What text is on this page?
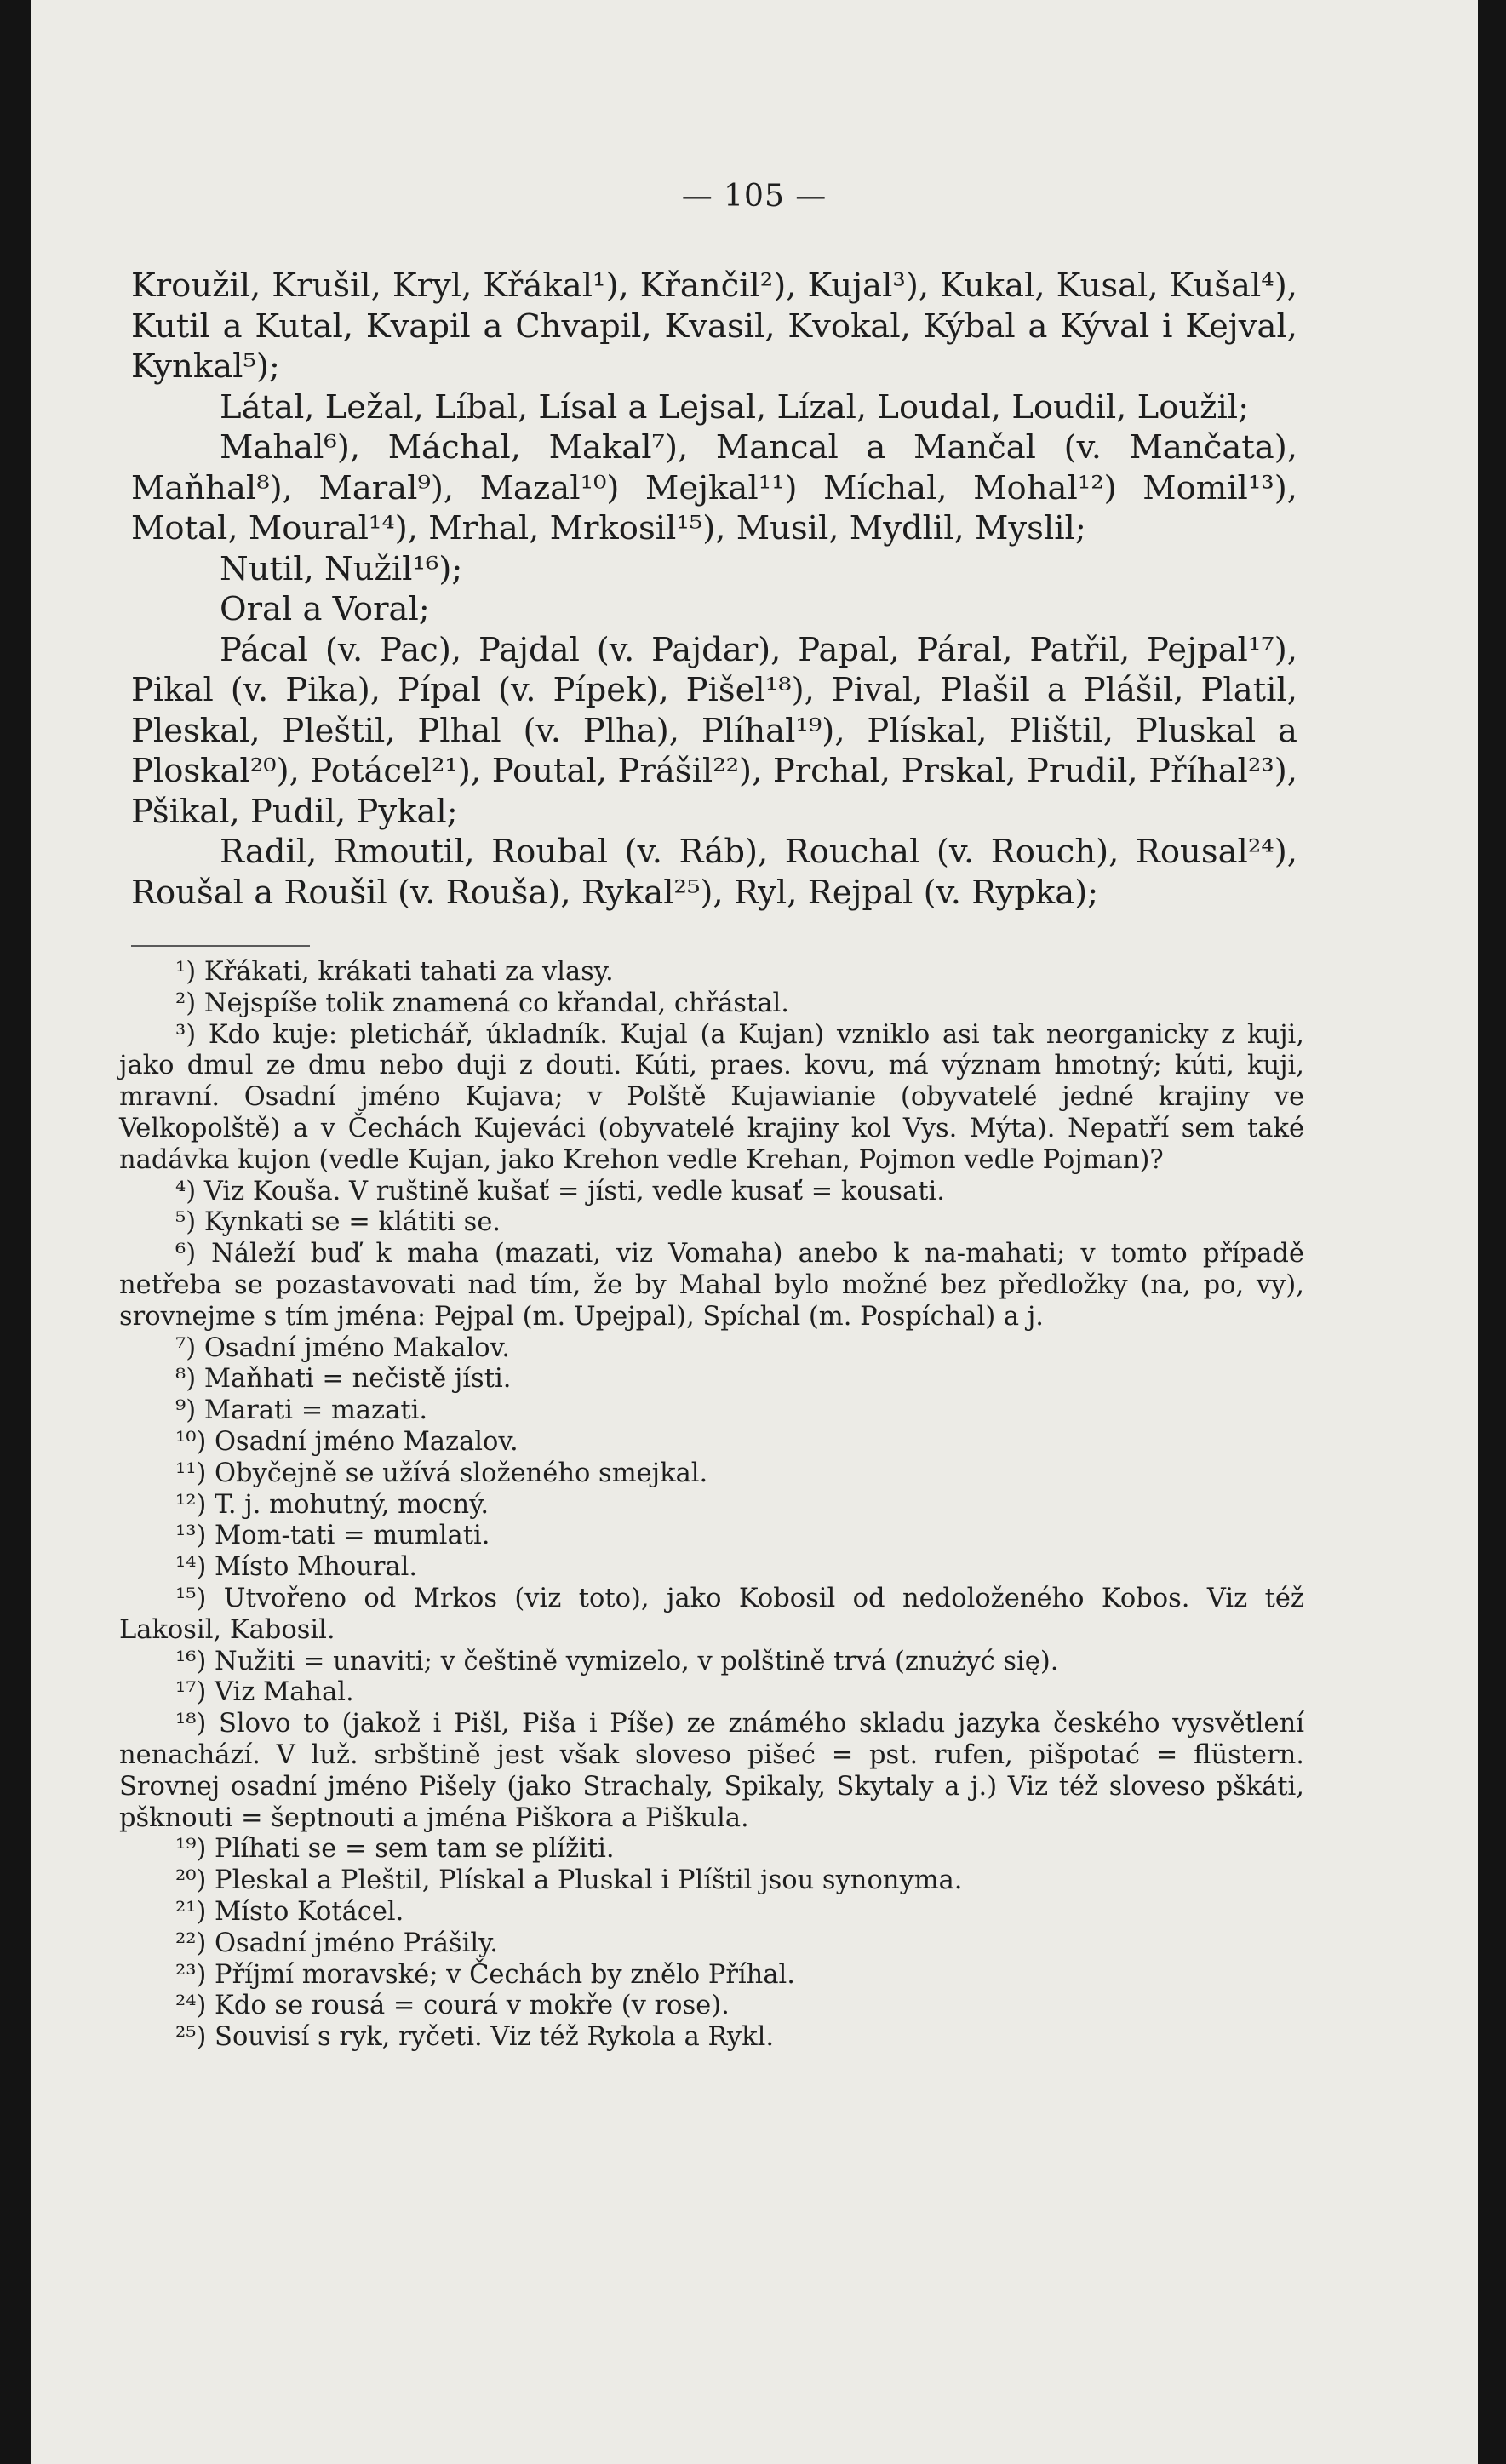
— 105 —

Kroužil, Krušil, Kryl, Křákal¹), Křančil²), Kujal³), Kukal, Kusal, Kušal⁴), Kutil a Kutal, Kvapil a Chvapil, Kvasil, Kvokal, Kýbal a Kýval i Kejval, Kynkal⁵);

Látal, Ležal, Líbal, Lísal a Lejsal, Lízal, Loudal, Loudil, Loužil;

Mahal⁶), Máchal, Makal⁷), Mancal a Mančal (v. Mančata), Maňhal⁸), Maral⁹), Mazal¹⁰) Mejkal¹¹) Míchal, Mohal¹²) Momil¹³), Motal, Moural¹⁴), Mrhal, Mrkosil¹⁵), Musil, Mydlil, Myslil;

Nutil, Nužil¹⁶);

Oral a Voral;

Pácal (v. Pac), Pajdal (v. Pajdar), Papal, Páral, Patřil, Pejpal¹⁷), Pikal (v. Pika), Pípal (v. Pípek), Pišel¹⁸), Pival, Plašil a Plášil, Platil, Pleskal, Pleštil, Plhal (v. Plha), Plíhal¹⁹), Plískal, Plištil, Pluskal a Ploskal²⁰), Potácel²¹), Poutal, Prášil²²), Prchal, Prskal, Prudil, Příhal²³), Pšikal, Pudil, Pykal;

Radil, Rmoutil, Roubal (v. Ráb), Rouchal (v. Rouch), Rousal²⁴), Roušal a Roušil (v. Rouša), Rykal²⁵), Ryl, Rejpal (v. Rypka);

¹) Křákati, krákati tahati za vlasy.

²) Nejspíše tolik znamená co křandal, chřástal.

³) Kdo kuje: pletichář, úkladník. Kujal (a Kujan) vzniklo asi tak neorganicky z kuji, jako dmul ze dmu nebo duji z douti. Kúti, praes. kovu, má význam hmotný; kúti, kuji, mravní. Osadní jméno Kujava; v Polště Kujawianie (obyvatelé jedné krajiny ve Velkopolště) a v Čechách Kujeváci (obyvatelé krajiny kol Vys. Mýta). Nepatří sem také nadávka kujon (vedle Kujan, jako Krehon vedle Krehan, Pojmon vedle Pojman)?

⁴) Viz Kouša. V ruštině kušať = jísti, vedle kusať = kousati.

⁵) Kynkati se = klátiti se.

⁶) Náleží buď k maha (mazati, viz Vomaha) anebo k na-mahati; v tomto případě netřeba se pozastavovati nad tím, že by Mahal bylo možné bez předložky (na, po, vy), srovnejme s tím jména: Pejpal (m. Upejpal), Spíchal (m. Pospíchal) a j.

⁷) Osadní jméno Makalov.

⁸) Maňhati = nečistě jísti.

⁹) Marati = mazati.

¹⁰) Osadní jméno Mazalov.

¹¹) Obyčejně se užívá složeného smejkal.

¹²) T. j. mohutný, mocný.

¹³) Mom-tati = mumlati.

¹⁴) Místo Mhoural.

¹⁵) Utvořeno od Mrkos (viz toto), jako Kobosil od nedoloženého Kobos. Viz též Lakosil, Kabosil.

¹⁶) Nužiti = unaviti; v češtině vymizelo, v polštině trvá (znużyć się).

¹⁷) Viz Mahal.

¹⁸) Slovo to (jakož i Pišl, Piša i Píše) ze známého skladu jazyka českého vysvětlení nenachází. V luž. srbštině jest však sloveso pišeć = pst. rufen, pišpotać = flüstern. Srovnej osadní jméno Pišely (jako Strachaly, Spikaly, Skytaly a j.) Viz též sloveso pškáti, pšknouti = šeptnouti a jména Piškora a Piškula.

¹⁹) Plíhati se = sem tam se plížiti.

²⁰) Pleskal a Pleštil, Plískal a Pluskal i Plíštil jsou synonyma.

²¹) Místo Kotácel.

²²) Osadní jméno Prášily.

²³) Příjmí moravské; v Čechách by znělo Příhal.

²⁴) Kdo se rousá = courá v mokře (v rose).

²⁵) Souvisí s ryk, ryčeti. Viz též Rykola a Rykl.
